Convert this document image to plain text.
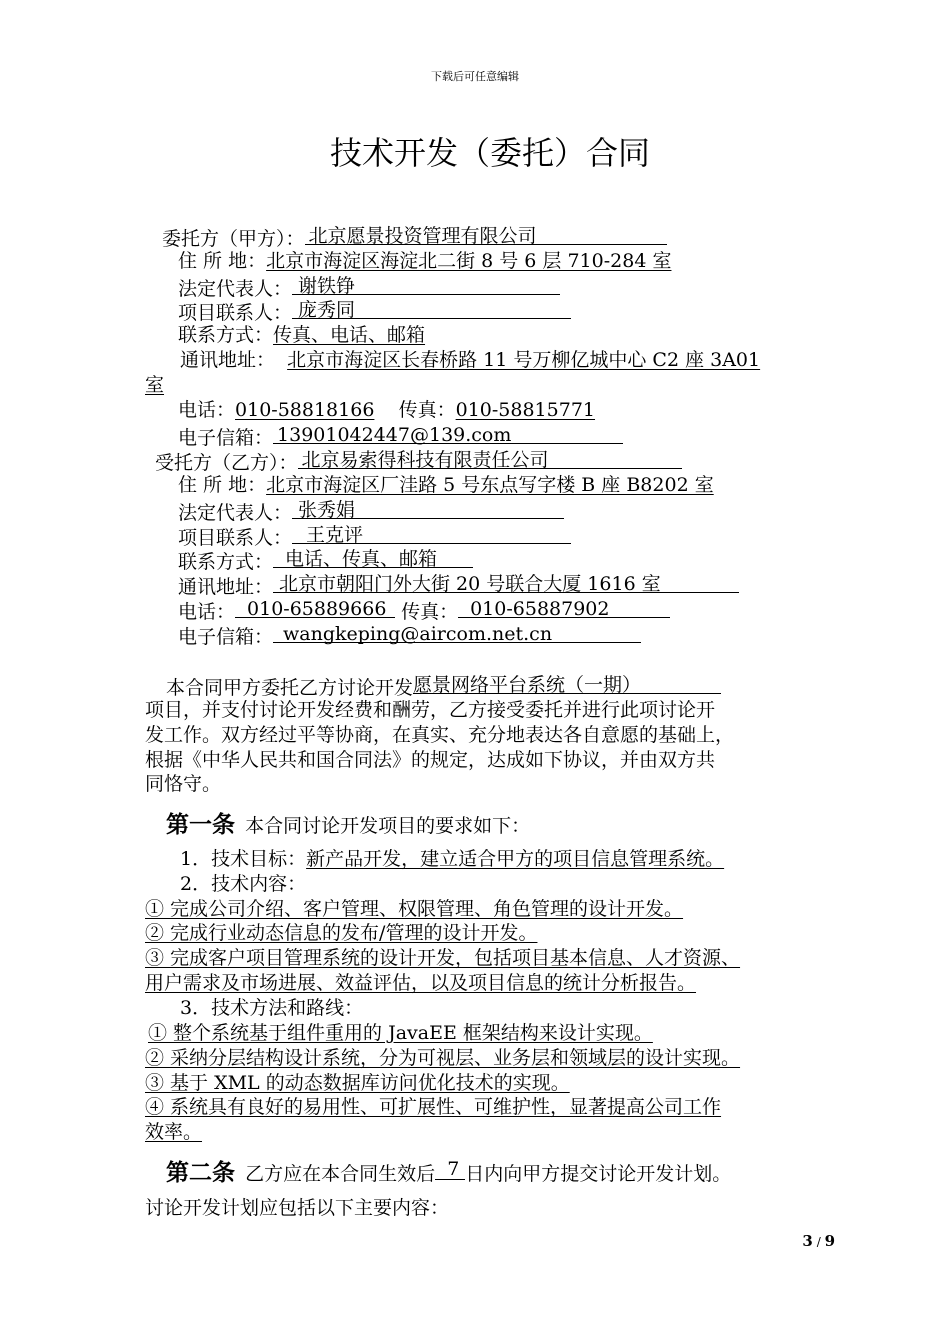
下载后可任意编辑
技术开发（委托）合同
委托方（甲方）： 北京愿景投资管理有限公司
住 所 地：北京市海淀区海淀北二街 8 号 6 层 710-284 室
法定代表人： 谢铁铮
项目联系人： 庞秀同
联系方式：传真、电话、邮箱
通讯地址： 北京市海淀区长春桥路 11 号万柳亿城中心 C2 座 3A01
室
电话：010-58818166 传真：010-58815771
电子信箱： 13901042447@139.com
受托方（乙方）： 北京易索得科技有限责任公司
住 所 地：北京市海淀区厂洼路 5 号东点写字楼 B 座 B8202 室
法定代表人： 张秀娟
项目联系人： 王克评
联系方式： 电话、传真、邮箱
通讯地址： 北京市朝阳门外大街 20 号联合大厦 1616 室
电话： 010-65889666 传真： 010-65887902
电子信箱： wangkeping@aircom.net.cn
本合同甲方委托乙方讨论开发 愿景网络平台系统（一期）
项目，并支付讨论开发经费和酬劳，乙方接受委托并进行此项讨论开
发工作。双方经过平等协商，在真实、充分地表达各自意愿的基础上，
根据《中华人民共和国合同法》的规定，达成如下协议，并由双方共
同恪守。
第一条 本合同讨论开发项目的要求如下：
1．技术目标：新产品开发，建立适合甲方的项目信息管理系统。
2．技术内容：
① 完成公司介绍、客户管理、权限管理、角色管理的设计开发。
② 完成行业动态信息的发布/管理的设计开发。
③ 完成客户项目管理系统的设计开发，包括项目基本信息、人才资源、
用户需求及市场进展、效益评估，以及项目信息的统计分析报告。
3．技术方法和路线：
① 整个系统基于组件重用的 JavaEE 框架结构来设计实现。
② 采纳分层结构设计系统，分为可视层、业务层和领域层的设计实现。
③ 基于 XML 的动态数据库访问优化技术的实现。
④ 系统具有良好的易用性、可扩展性、可维护性，显著提高公司工作
效率。
第二条 乙方应在本合同生效后 7 日内向甲方提交讨论开发计划。
讨论开发计划应包括以下主要内容：
3 / 9
